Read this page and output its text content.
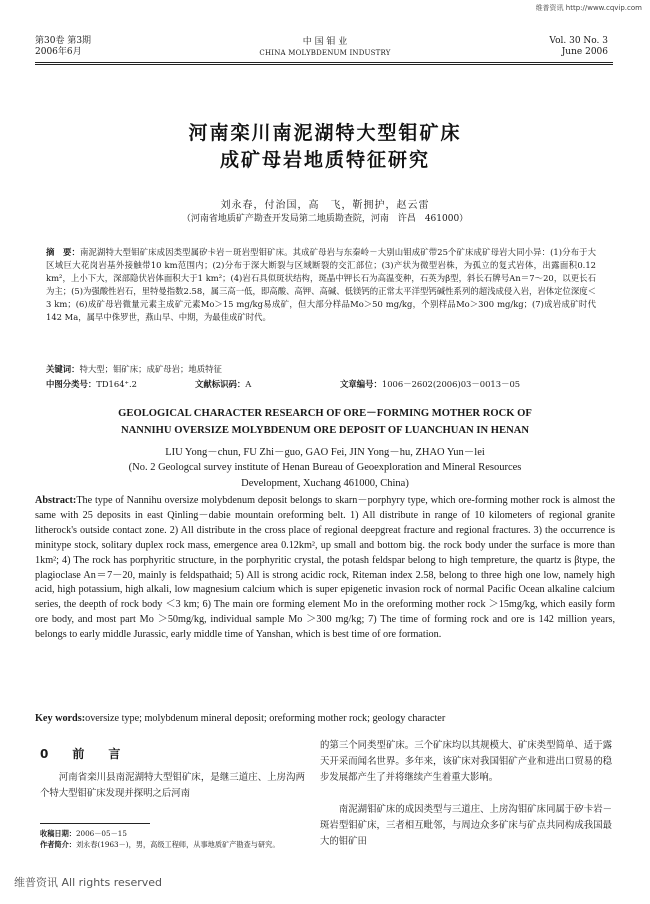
维普资讯 http://www.cqvip.com
第30卷 第3期
2006年6月
中 国 钼 业
CHINA MOLYBDENUM INDUSTRY
Vol. 30 No. 3
June 2006
河南栾川南泥湖特大型钼矿床
成矿母岩地质特征研究
刘永春，付治国，高　飞，靳拥护，赵云雷
（河南省地质矿产勘查开发局第二地质勘查院，河南　许昌　461000）
摘　要：南泥湖特大型钼矿床成因类型属矽卡岩－斑岩型钼矿床。其成矿母岩与东秦岭－大别山钼成矿带25个矿床成矿母岩大同小异：(1)分布于大区域巨大花岗岩基外接触带10 km范围内；(2)分布于深大断裂与区域断裂的交汇部位；(3)产状为微型岩株，为孤立的复式岩体，出露面积0.12 km²，上小下大，深部隐伏岩体面积大于1 km²；(4)岩石具似斑状结构，斑晶中钾长石为高温变种，石英为β型，斜长石牌号An＝7～20，以更长石为主；(5)为强酸性岩石，里特曼指数2.58，属三高一低，即高酸、高钾、高碱、低镁钙的正常太平洋型钙碱性系列的超浅成侵入岩，岩体定位深度＜3 km；(6)成矿母岩微量元素主成矿元素Mo＞15 mg/kg易成矿，但大部分样品Mo＞50 mg/kg，个别样品Mo＞300 mg/kg；(7)成岩成矿时代142 Ma，属早中侏罗世，燕山早、中期，为最佳成矿时代。
关键词：特大型；钼矿床；成矿母岩；地质特征
中图分类号：TD164⁺.2	文献标识码：A	文章编号：1006－2602(2006)03－0013－05
GEOLOGICAL CHARACTER RESEARCH OF ORE－FORMING MOTHER ROCK OF
NANNIHU OVERSIZE MOLYBDENUM ORE DEPOSIT OF LUANCHUAN IN HENAN
LIU Yong－chun, FU Zhi－guo, GAO Fei, JIN Yong－hu, ZHAO Yun－lei
(No. 2 Geologcal survey institute of Henan Bureau of Geoexploration and Mineral Resources
Development, Xuchang 461000, China)
Abstract:The type of Nannihu oversize molybdenum deposit belongs to skarn－porphyry type, which ore-forming mother rock is almost the same with 25 deposits in east Qinling－dabie mountain oreforming belt. 1) All distribute in range of 10 kilometers of regional granite litherock's outside contact zone. 2) All distribute in the cross place of regional deepgreat fracture and regional fractures. 3) the occurrence is minitype stock, solitary duplex rock mass, emergence area 0.12km², up small and bottom big. the rock body under the surface is more than 1km²; 4) The rock has porphyritic structure, in the porphyritic crystal, the potash feldspar belong to high tempreture, the quartz is βtype, the plagioclase An＝7－20, mainly is feldspathaid; 5) All is strong acidic rock, Riteman index 2.58, belong to three high one low, namely high acid, high potassium, high alkali, low magnesium calcium which is super epigenetic invasion rock of normal Pacific Ocean alkaline calcium series, the deepth of rock body ＜3 km; 6) The main ore forming element Mo in the oreforming mother rock ＞15mg/kg, which easily form ore body, and most part Mo ＞50mg/kg, individual sample Mo ＞300 mg/kg; 7) The time of forming rock and ore is 142 million years, belongs to early middle Jurassic, early middle time of Yanshan, which is best time of ore formation.
Key words:oversize type; molybdenum mineral deposit; oreforming mother rock; geology character
0　前　言
河南省栾川县南泥湖特大型钼矿床，是继三道庄、上房沟两个特大型钼矿床发现并探明之后河南
收稿日期：2006－05－15
作者简介：刘永春(1963－)，男，高级工程师，从事地质矿产勘查与研究。
的第三个同类型矿床。三个矿床均以其规模大、矿床类型简单、适于露天开采而闻名世界。多年来，该矿床对我国钼矿产业和进出口贸易的稳步发展都产生了并将继续产生着重大影响。
南泥湖钼矿床的成因类型与三道庄、上房沟钼矿床同属于矽卡岩－斑岩型钼矿床，三者相互毗邻，与周边众多矿床与矿点共同构成我国最大的钼矿田
维普资讯 All rights reserved
